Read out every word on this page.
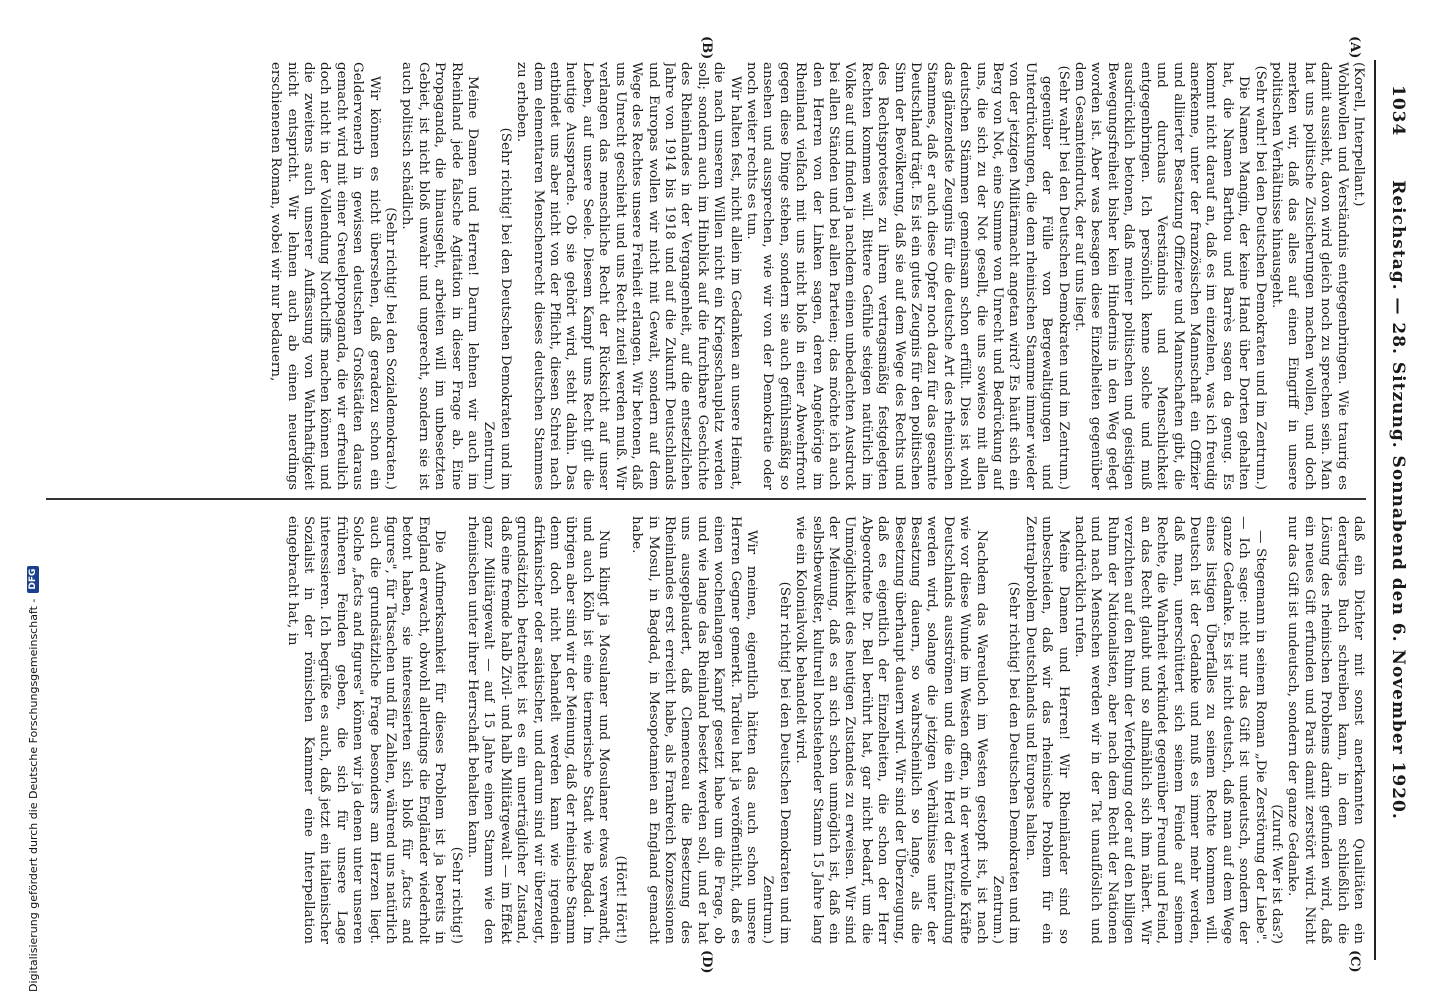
1034
Reichstag. — 28. Sitzung. Sonnabend den 6. November 1920.
(A)
(B)
(C)
(D)

(Korell, Interpellant.)

Wohlwollen und Verständnis entgegenbringen. Wie traurig es damit aussieht, davon wird gleich noch zu sprechen sein. Man hat uns politische Zusicherungen machen wollen, und doch merken wir, daß das alles auf einen Eingriff in unsere politischen Verhältnisse hinausgeht.

(Sehr wahr! bei den Deutschen Demokraten und im Zentrum.)

Die Namen Mangin, der keine Hand über Dorten gehalten hat, die Namen Barthou und Barrès sagen da genug. Es kommt nicht darauf an, daß es im einzelnen, was ich freudig anerkenne, unter der französischen Mannschaft ein Offizier und alliierter Besatzung Offiziere und Mannschaften gibt, die und durchaus Verständnis und Menschlichkeit entgegenbringen. Ich persönlich kenne solche und muß ausdrücklich betonen, daß meiner politischen und geistigen Bewegungsfreiheit bisher kein Hindernis in den Weg gelegt worden ist. Aber was besagen diese Einzelheiten gegenüber dem Gesamteindruck, der auf uns liegt.

(Sehr wahr! bei den Deutschen Demokraten und im Zentrum.)

gegenüber der Fülle von Bergewaltigungen und Unterdrückungen, die dem rheinischen Stamme immer wieder von der jetzigen Militärmacht angetan wird? Es häuft sich ein Berg von Not, eine Summe von Unrecht und Bedrückung auf uns, die sich zu der Not gesellt, die uns sowieso mit allen deutschen Stämmen gemeinsam schon erfüllt. Dies ist wohl das glänzendste Zeugnis für die deutsche Art des rheinischen Stammes, daß er auch diese Opfer noch dazu für das gesamte Deutschland trägt. Es ist ein gutes Zeugnis für den politischen Sinn der Bevölkerung, daß sie auf dem Wege des Rechts und des Rechtsprotestes zu ihrem vertragsmäßig festgelegten Rechten kommen will. Bittere Gefühle steigen natürlich im Volke auf und finden ja nachdem einen unbedachten Ausdruck bei allen Ständen und bei allen Parteien; das möchte ich auch den Herren von der Linken sagen, deren Angehörige im Rheinland vielfach mit uns nicht bloß in einer Abwehrfront gegen diese Dinge stehen, sondern sie auch gefühlsmäßig so ansehen und aussprechen, wie wir von der Demokratie oder noch weiter rechts es tun.

Wir halten fest, nicht allein im Gedanken an unsere Heimat, die nach unserem Willen nicht ein Kriegsschauplatz werden soll; sondern auch im Hinblick auf die furchtbare Geschichte des Rheinlandes in der Vergangenheit, auf die entsetzlichen Jahre von 1914 bis 1918 und auf die Zukunft Deutschlands und Europas wollen wir nicht mit Gewalt, sondern auf dem Wege des Rechtes unsere Freiheit erlangen. Wir betonen, daß uns Unrecht geschieht und uns Recht zuteil werden muß. Wir verlangen das menschliche Recht der Rücksicht auf unser Leben, auf unsere Seele. Diesem Kampf ums Recht gilt die heutige Aussprache. Ob sie gehört wird, steht dahin. Das entbindet uns aber nicht von der Pflicht, diesen Schrei nach dem elementaren Menschenrecht dieses deutschen Stammes zu erheben.

(Sehr richtig! bei den Deutschen Demokraten und im Zentrum.)

Meine Damen und Herren! Darum lehnen wir auch im Rheinland jede falsche Agitation in dieser Frage ab. Eine Propaganda, die hinausgeht, arbeiten will im unbesetzten Gebiet, ist nicht bloß unwahr und ungerecht, sondern sie ist auch politisch schädlich.

(Sehr richtig! bei den Sozialdemokraten.)

Wir können es nicht übersehen, daß geradezu schon ein Geldervenerb in gewissen deutschen Großstädten daraus gemacht wird mit einer Greuelpropaganda, die wir erfreulich doch nicht in der Vollendung Northcliffs machen können und die zweitens auch unserer Auffassung von Wahrhaftigkeit nicht entspricht. Wir lehnen auch ab einen neuerdings erschienenen Roman, wobei wir nur bedauern,

daß ein Dichter mit sonst anerkannten Qualitäten ein derartiges Buch schreiben kann, in dem schließlich die Lösung des rheinischen Problems darin gefunden wird, daß ein neues Gift erfunden und Paris damit zerstört wird. Nicht nur das Gift ist undeutsch, sondern der ganze Gedanke.

(Zuruf: Wer ist das?)

— Stegemann in seinem Roman „Die Zerstörung der Liebe". — Ich sage: nicht nur das Gift ist undeutsch, sondern der ganze Gedanke. Es ist nicht deutsch, daß man auf dem Wege eines listigen Überfalles zu seinem Rechte kommen will. Deutsch ist der Gedanke und muß es immer mehr werden, daß man, unerschüttert sich seinem Feinde auf seinem Rechte, die Wahrheit verkündet gegenüber Freund und Feind, an das Recht glaubt und so allmählich sich ihm nähert. Wir verzichten auf den Ruhm der Verfolgung oder auf den billigen Ruhm der Nationalisten, aber nach dem Recht der Nationen und nach Menschen werden wir in der Tat unauflöslich und nachdrücklich rufen.

Meine Damen und Herren! Wir Rheinländer sind so unbescheiden, daß wir das rheinische Problem für ein Zentralproblem Deutschlands und Europas halten.

(Sehr richtig! bei den Deutschen Demokraten und im Zentrum.)

Nachdem das Wareuloch im Westen gestopft ist, ist nach wie vor diese Wunde im Westen offen, in der wertvolle Kräfte Deutschlands ausströmen und die ein Herd der Entzündung werden wird, solange die jetzigen Verhältnisse unter der Besatzung dauern, so wahrscheinlich so lange, als die Besetzung überhaupt dauern wird. Wir sind der Überzeugung, daß es eigentlich der Einzelheiten, die schon der Herr Abgeordnete Dr. Bell berührt hat, gar nicht bedarf, um die Unmöglichkeit des heutigen Zustandes zu erweisen. Wir sind der Meinung, daß es an sich schon unmöglich ist, daß ein selbstbewußter, kulturell hochstehender Stamm 15 Jahre lang wie ein Kolonialvolk behandelt wird.

(Sehr richtig! bei den Deutschen Demokraten und im Zentrum.)

Wir meinen, eigentlich hätten das auch schon unsere Herren Gegner gemerkt. Tardieu hat ja veröffentlicht, daß es einen wochenlangen Kampf gesetzt habe um die Frage, ob und wie lange das Rheinland besetzt werden soll, und er hat uns ausgeplaudert, daß Clemenceau die Besetzung des Rheinlandes erst erreicht habe, als Frankreich Konzessionen in Mosul, in Bagdad, in Mesopotamien an England gemacht habe.

(Hört! Hört!)

Nun klingt ja Mosulaner und Mosulaner etwas verwandt, und auch Köln ist eine tiermerische Stadt wie Bagdad. Im übrigen aber sind wir der Meinung, daß der rheinische Stamm denn doch nicht behandelt werden kann wie irgendein afrikanischer oder asiatischer, und darum sind wir überzeugt, grundsätzlich betrachtet ist es ein unerträglicher Zustand, daß eine fremde halb Zivil- und halb Militärgewalt — im Effekt ganz Militärgewalt — auf 15 Jahre einen Stamm wie den rheinischen unter ihrer Herrschaft behalten kann.

(Sehr richtig!)

Die Aufmerksamkeit für dieses Problem ist ja bereits in England erwacht, obwohl allerdings die Engländer wiederholt betont haben, sie interessierten sich bloß für „facts and figures", für Tatsachen und für Zahlen, während uns natürlich auch die grundsätzliche Frage besonders am Herzen liegt. Solche „facts and figures" können wir ja denen unter unseren früheren Feinden geben, die sich für unsere Lage interessieren. Ich begrüße es auch, daß jetzt ein italienischer Sozialist in der römischen Kammer eine Interpellation eingebracht hat, in

Digitalisierung gefördert durch die Deutsche Forschungsgemeinschaft -
DFG
